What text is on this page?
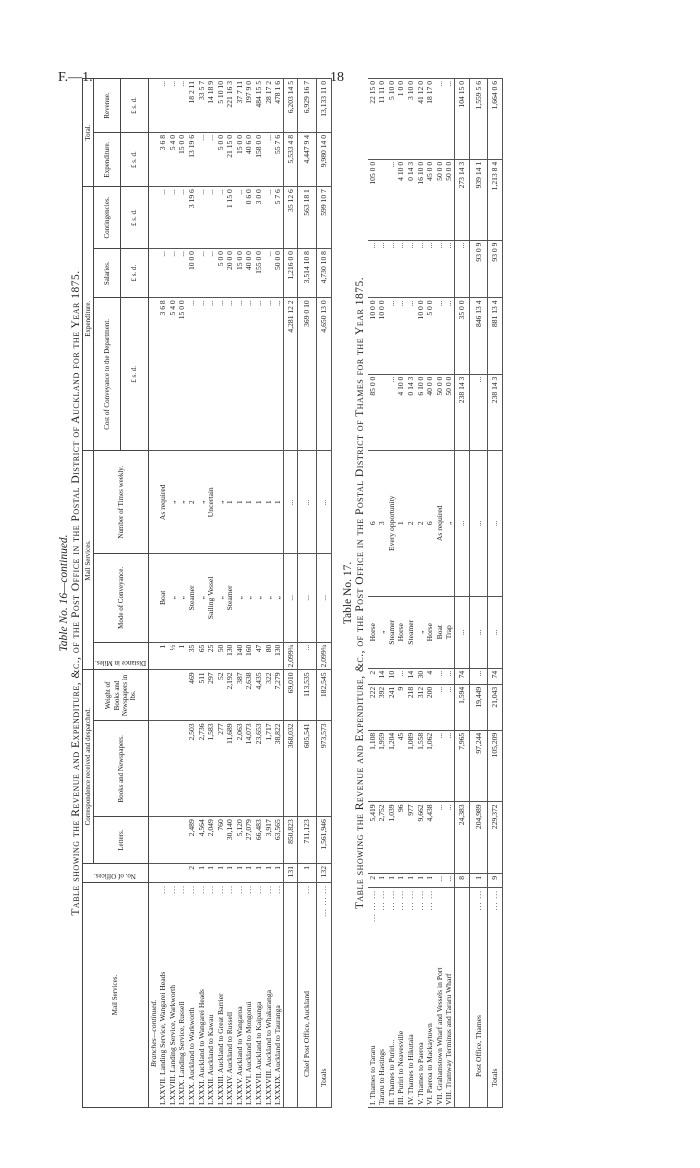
F.—1.	18
Table No. 16—continued. Table showing the Revenue and Expenditure, &c., of the Post Office in the Postal District of Auckland for the Year 1875.
Mail Services.	No. of Offices.	Correspondence received and despatched.			Mail Services.			Expenditure.			Total.	
		Letters.	Books and Newspapers.	Weight of Books and Newspapers in lbs.	Distance in Miles.	Mode of Conveyance.	Number of Times weekly.	Cost of Conveyance to the Department.	Salaries.	Contingencies.	Expenditure.	Revenue.
								£ s. d.	£ s. d.	£ s. d.	£ s. d.	£ s. d.
Branches—continued.												
LXXVII. Landing Service, Wangarei Heads
...					1	Boat	As required	3 6 8	...	...	3 6 8	...
LXXVIII. Landing Service, Warkworth
...					½	„	„	5 4 0	...	...	5 4 0	...
LXXIX. Landing Service, Russell
...					1	„	„	15 0 0	...	...	15 0 0	...
LXXX. Auckland to Warkworth
...	2	2,489	2,503	469	35	Steamer	2	...	10 0 0	3 19 6	13 19 6	18 2 11
LXXXI. Auckland to Wangarei Heads
...	1	4,564	2,736	511	65	„	„	...	...	...	...	33 5 7
LXXXII. Auckland to Kawau
...	1	2,049	1,583	297	25	Sailing Vessel	Uncertain	...	...	...	...	14 18 9
LXXXIII. Auckland to Great Barrier
...	1	760	277	52	50	„	„	...	5 0 0	...	5 0 0	5 10 10
LXXXIV. Auckland to Russell
...	1	30,140	11,689	2,192	130	Steamer	1	...	20 0 0	1 15 0	21 15 0	221 16 3
LXXXV. Auckland to Wangaroa
...	1	5,120	2,063	387	140	„	1	...	15 0 0	...	15 0 0	37 7 11
LXXXVI. Auckland to Mongonui
...	1	27,079	14,073	2,638	160	„	1	...	40 0 0	0 6 0	40 6 0	197 9 0
LXXXVII. Auckland to Kaipanga
...	1	66,483	23,653	4,435	47	„	1	...	155 0 0	3 0 0	158 0 0	484 15 5
LXXXVIII. Auckland to Whakaranga
...	1	3,917	1,717	322	80	„	1	...	...	...	...	28 17 2
LXXXIX. Auckland to Tauranga
...	1	63,565	38,822	7,279	130	„	1	...	50 0 0	5 7 6	55 7 6	478 1 6
	131	850,823	368,032	69,010	2,099¾	...	...	4,281 12 2	1,216 0 0	35 12 6	5,533 4 8	6,203 14 5
Chief Post Office, Auckland
...	1	711,123	605,541	113,535	...	...	...	369 0 10	3,514 10 8	563 18 1	4,447 9 4	6,929 16 7
Totals
... ... ...	132	1,561,946	973,573	182,545	2,099¾	...	...	4,650 13 0	4,730 10 8	599 10 7	9,980 14 0	13,133 11 0
Table No. 17. Table showing the Revenue and Expenditure, &c., of the Post Office in the Postal District of Thames for the Year 1875.
I. Thames to Tararu
... ... ...	2	5,419	1,108	222	2	Horse	6	85 0 0	10 0 0	...	105 0 0	22 15 0
Tararu to Hastings
... ...	1	2,752	1,959	392	14	„	3		10 0 0	...		11 11 0
II. Thames to Puriri...
... ...	1	1,039	1,204	241	10	Steamer	Every opportunity	...	...	...	...	5 10 0
III. Puriri to Neavesville
... ...	1	96	45	9	...	Horse	1	4 10 0	...	...	4 10 0	1 0 0
IV. Thames to Hikutaia
... ...	1	977	1,089	218	14	Steamer	2	0 14 3	...	...	0 14 3	3 10 0
V. Thames to Paeroa
... ...	1	9,662	1,558	312	30	„	2	6 10 0	10 0 0	...	16 10 0	41 12 0
VI. Paeroa to Mackaytown
... ...	1	4,438	1,062	200	4	Horse	6	40 0 0	5 0 0	...	45 0 0	18 17 0
VII. Grahamstown Wharf and Vessels in Port	...	...	...	...	...	Boat	As required	50 0 0	...	...	50 0 0	...
VIII. Tramway Terminus and Tararu Wharf	...	...	...	...	...	Trap	„	50 0 0	...	...	50 0 0	...
	8	24,383	7,965	1,594	74	...	...	238 14 3	35 0 0	...	273 14 3	104 15 0
Post Office, Thames
... ...	1	204,989	97,244	19,449	...	...	...	...	846 13 4	93 0 9	939 14 1	1,559 5 6
Totals
... ...	9	229,372	105,209	21,043	74	...	...	238 14 3	881 13 4	93 0 9	1,213 8 4	1,664 0 6
